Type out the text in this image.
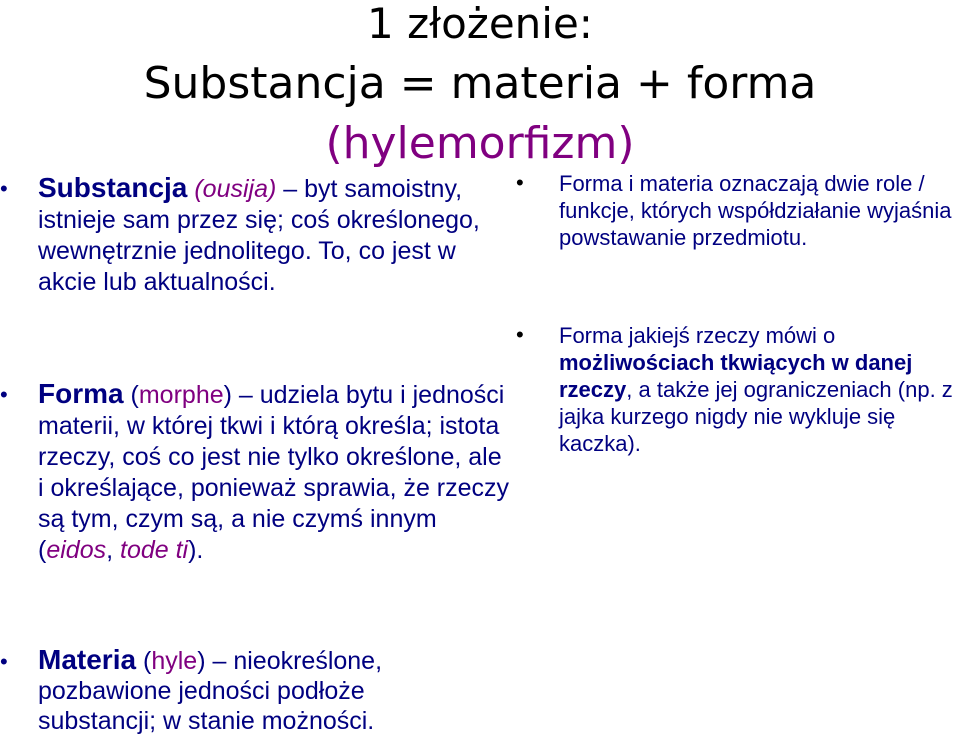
1 złożenie:
Substancja = materia + forma
(hylemorfizm)
• Substancja (ousija) – byt samoistny, istnieje sam przez się; coś określonego, wewnętrznie jednolitego. To, co jest w akcie lub aktualności.
• Forma (morphe) – udziela bytu i jedności materii, w której tkwi i którą określa; istota rzeczy, coś co jest nie tylko określone, ale i określające, ponieważ sprawia, że rzeczy są tym, czym są, a nie czymś innym (eidos, tode ti).
• Materia (hyle) – nieokreślone, pozbawione jedności podłoże substancji; w stanie możności.
• Forma i materia oznaczają dwie role / funkcje, których współdziałanie wyjaśnia powstawanie przedmiotu.
• Forma jakiejś rzeczy mówi o możliwościach tkwiących w danej rzeczy, a także jej ograniczeniach (np. z jajka kurzego nigdy nie wykluje się kaczka).
